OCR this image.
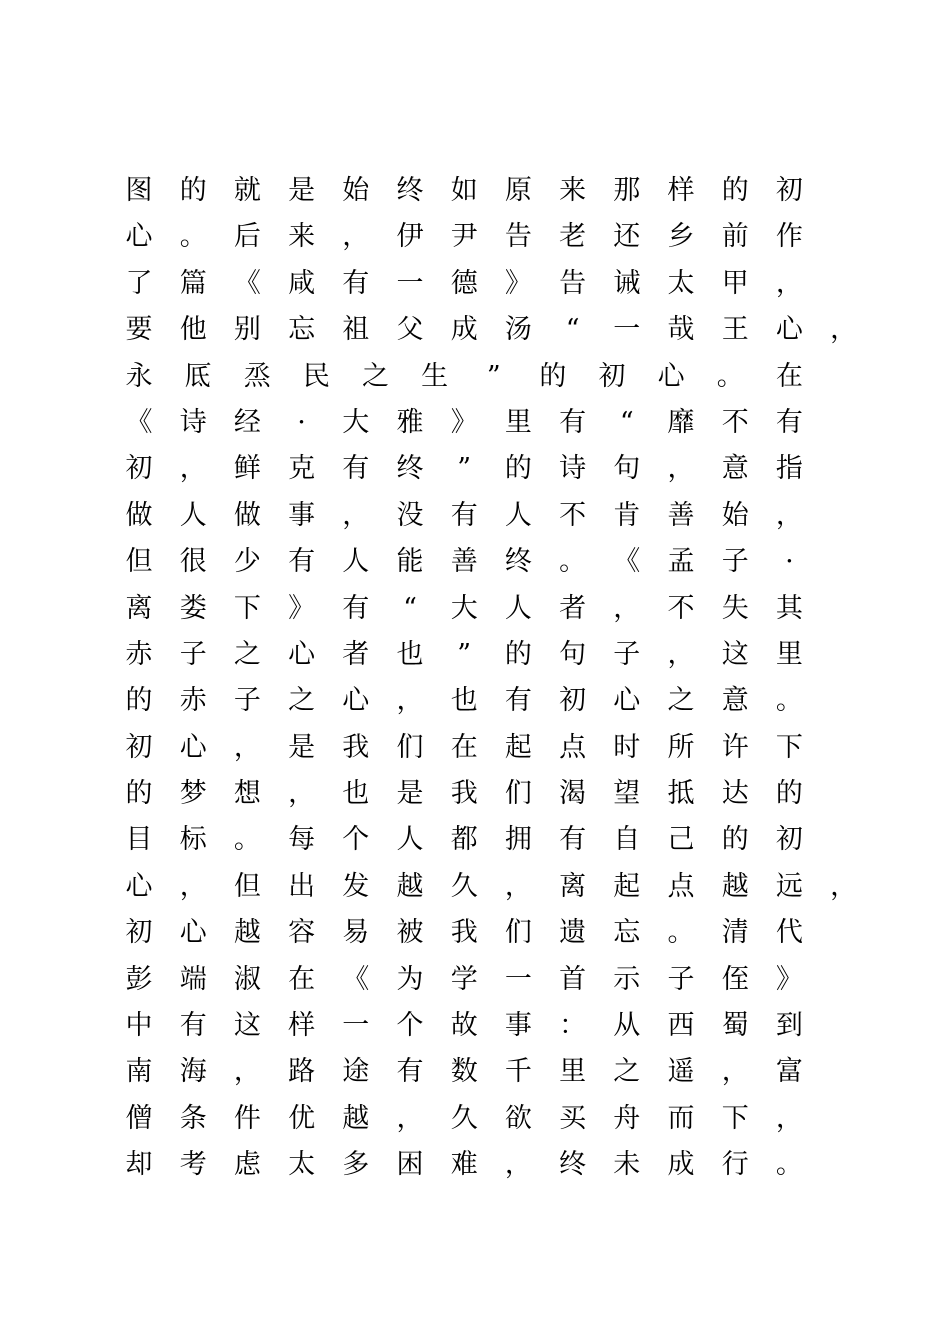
图 的 就 是 始 终 如 原 来 那 样 的 初
心 。 后 来 ， 伊 尹 告 老 还 乡 前 作
了 篇 《 咸 有 一 德 》 告 诫 太 甲 ，
要 他 别 忘 祖 父 成 汤 “ 一 哉 王 心 ，
永 厎 烝 民 之 生 ” 的 初 心 。 在
《 诗 经	·	大 雅 》 里 有 “ 靡 不 有
初 ， 鲜 克 有 终 ” 的 诗 句 ， 意 指
做 人 做 事 ， 没 有 人 不 肯 善 始 ，
但 很 少 有 人 能 善 终 。 《 孟 子	·
离 娄 下 》 有 “ 大 人 者 ， 不 失 其
赤 子 之 心 者 也 ” 的 句 子 ， 这 里
的 赤 子 之 心 ， 也 有 初 心 之 意 。
初 心 ， 是 我 们 在 起 点 时 所 许 下
的 梦 想 ， 也 是 我 们 渴 望 抵 达 的
目 标 。 每 个 人 都 拥 有 自 己 的 初
心 ， 但 出 发 越 久 ， 离 起 点 越 远 ，
初 心 越 容 易 被 我 们 遗 忘 。 清 代
彭 端 淑 在 《 为 学 一 首 示 子 侄 》
中 有 这 样 一 个 故 事 ： 从 西 蜀 到
南 海 ， 路 途 有 数 千 里 之 遥 ， 富
僧 条 件 优 越 ， 久 欲 买 舟 而 下 ，
却 考 虑 太 多 困 难 ， 终 未 成 行 。
